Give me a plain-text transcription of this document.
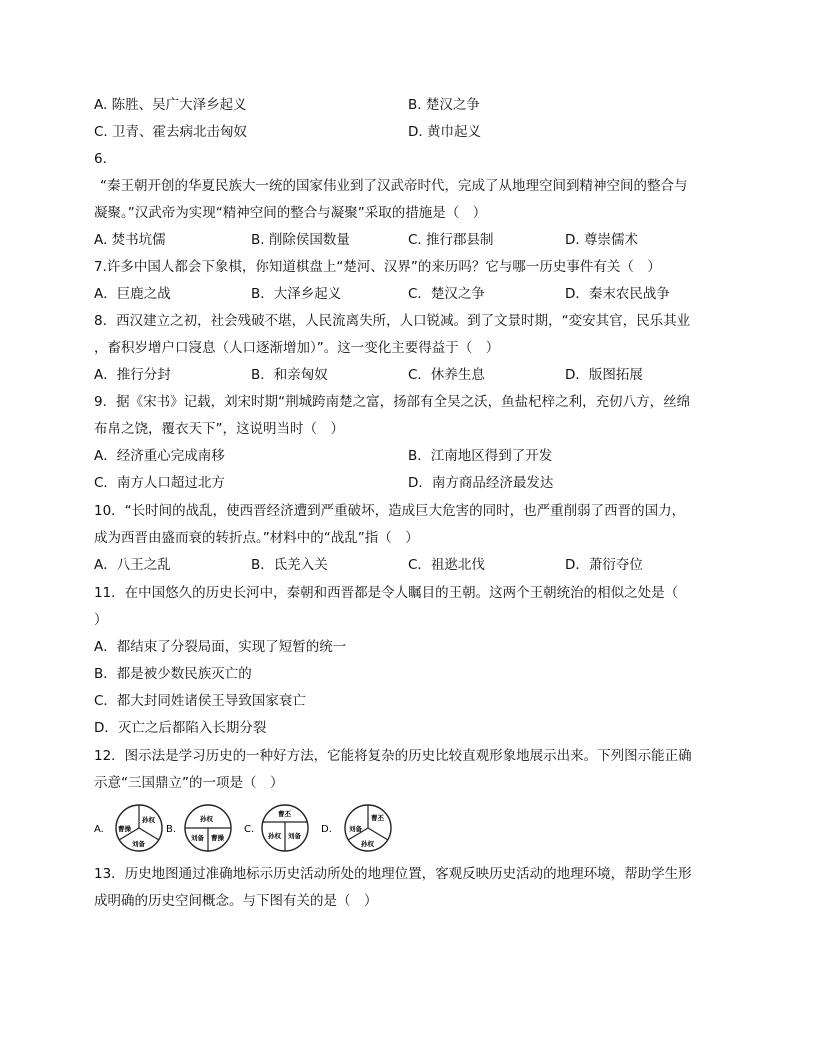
A. 陈胜、吴广大泽乡起义	B. 楚汉之争
C. 卫青、霍去病北击匈奴	D. 黄巾起义
6.
“秦王朝开创的华夏民族大一统的国家伟业到了汉武帝时代，完成了从地理空间到精神空间的整合与
凝聚。”汉武帝为实现“精神空间的整合与凝聚”采取的措施是（　）
A. 焚书坑儒	B. 削除侯国数量	C. 推行郡县制	D. 尊崇儒术
7.许多中国人都会下象棋，你知道棋盘上“楚河、汉界”的来历吗？它与哪一历史事件有关（　）
A．巨鹿之战	B．大泽乡起义	C．楚汉之争	D．秦末农民战争
8．西汉建立之初，社会残破不堪，人民流离失所，人口锐减。到了文景时期，“変安其官，民乐其业
，畜积岁增户口寖息（人口逐渐增加）”。这一变化主要得益于（　）
A．推行分封	B．和亲匈奴	C．休养生息	D．版图拓展
9．据《宋书》记载，刘宋时期“荆城跨南楚之富，扬部有全吴之沃，鱼盐杞梓之利，充仞八方，丝绵
布帛之饶，覆衣天下”，这说明当时（　）
A．经济重心完成南移	B．江南地区得到了开发
C．南方人口超过北方	D．南方商品经济最发达
10．“长时间的战乱，使西晋经济遭到严重破坏，造成巨大危害的同时，也严重削弱了西晋的国力，
成为西晋由盛而衰的转折点。”材料中的“战乱”指（　）
A．八王之乱	B．氐羌入关	C．祖逖北伐	D．萧衍夺位
11．在中国悠久的历史长河中，秦朝和西晋都是令人瞩目的王朝。这两个王朝统治的相似之处是（
）
A．都结束了分裂局面，实现了短暂的统一
B．都是被少数民族灭亡的
C．都大封同姓诸侯王导致国家衰亡
D．灭亡之后都陷入长期分裂
12．图示法是学习历史的一种好方法，它能将复杂的历史比较直观形象地展示出来。下列图示能正确
示意“三国鼎立”的一项是（　）
A.
孙权
曹操
刘备
B.
孙权
曹操
刘备
C.
曹丕
孙权 刘备
D.
曹丕
刘备
孙权
13．历史地图通过准确地标示历史活动所处的地理位置，客观反映历史活动的地理环境，帮助学生形
成明确的历史空间概念。与下图有关的是（　）
